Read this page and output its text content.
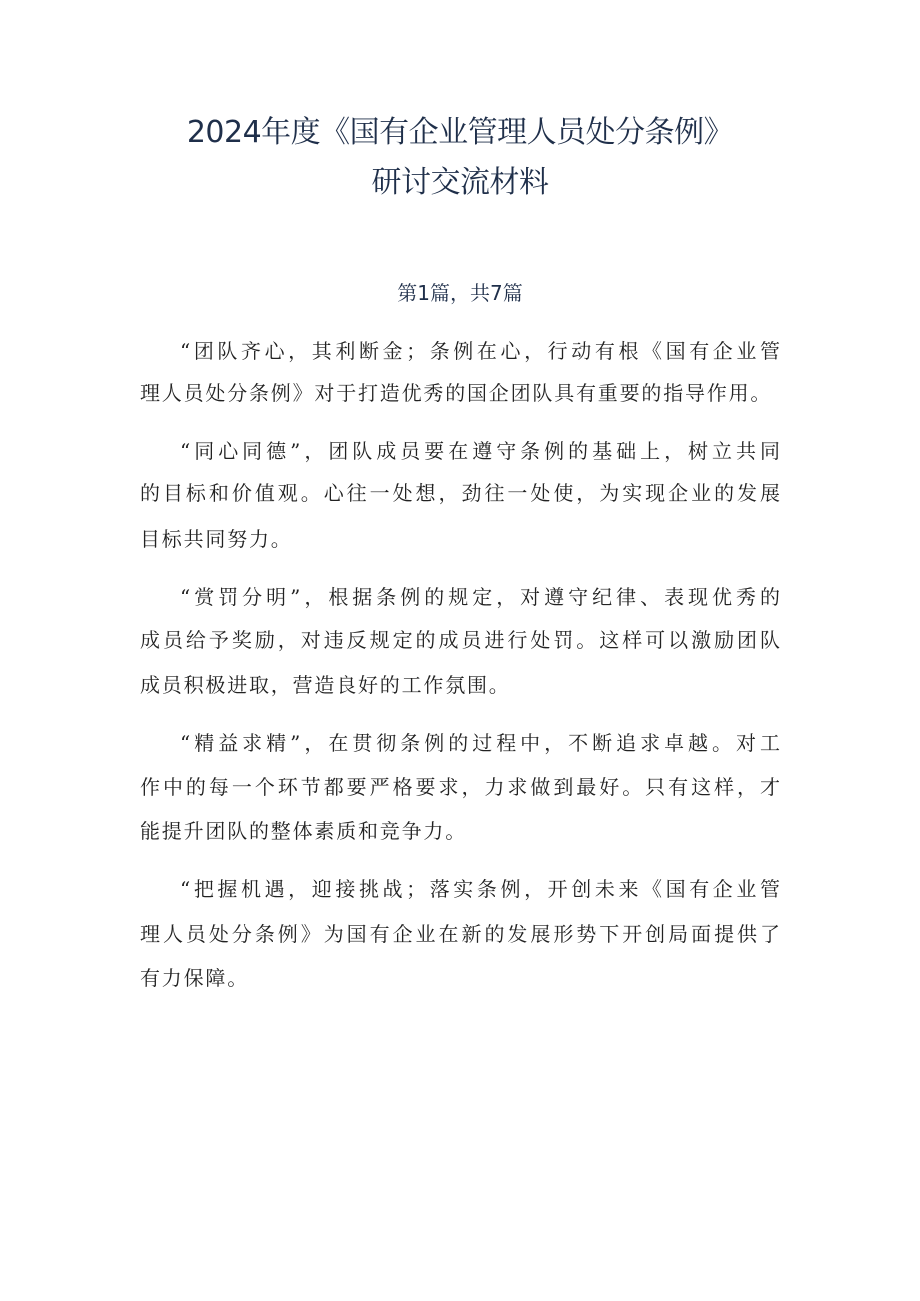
2024年度《国有企业管理人员处分条例》
研讨交流材料
第1篇，共7篇
“团队齐心，其利断金；条例在心，行动有根《国有企业管
理人员处分条例》对于打造优秀的国企团队具有重要的指导作用。
“同心同德”，团队成员要在遵守条例的基础上，树立共同
的目标和价值观。心往一处想，劲往一处使，为实现企业的发展
目标共同努力。
“赏罚分明”，根据条例的规定，对遵守纪律、表现优秀的
成员给予奖励，对违反规定的成员进行处罚。这样可以激励团队
成员积极进取，营造良好的工作氛围。
“精益求精”，在贯彻条例的过程中，不断追求卓越。对工
作中的每一个环节都要严格要求，力求做到最好。只有这样，才
能提升团队的整体素质和竞争力。
“把握机遇，迎接挑战；落实条例，开创未来《国有企业管
理人员处分条例》为国有企业在新的发展形势下开创局面提供了
有力保障。
